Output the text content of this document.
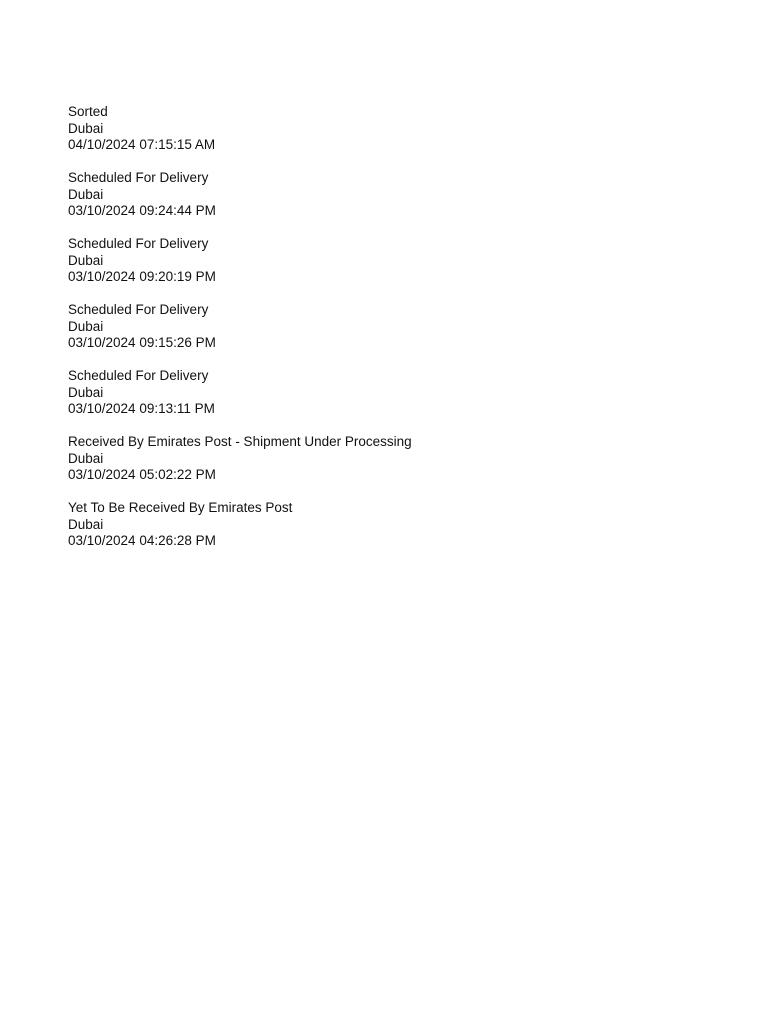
Sorted
Dubai
04/10/2024 07:15:15 AM
Scheduled For Delivery
Dubai
03/10/2024 09:24:44 PM
Scheduled For Delivery
Dubai
03/10/2024 09:20:19 PM
Scheduled For Delivery
Dubai
03/10/2024 09:15:26 PM
Scheduled For Delivery
Dubai
03/10/2024 09:13:11 PM
Received By Emirates Post - Shipment Under Processing
Dubai
03/10/2024 05:02:22 PM
Yet To Be Received By Emirates Post
Dubai
03/10/2024 04:26:28 PM
